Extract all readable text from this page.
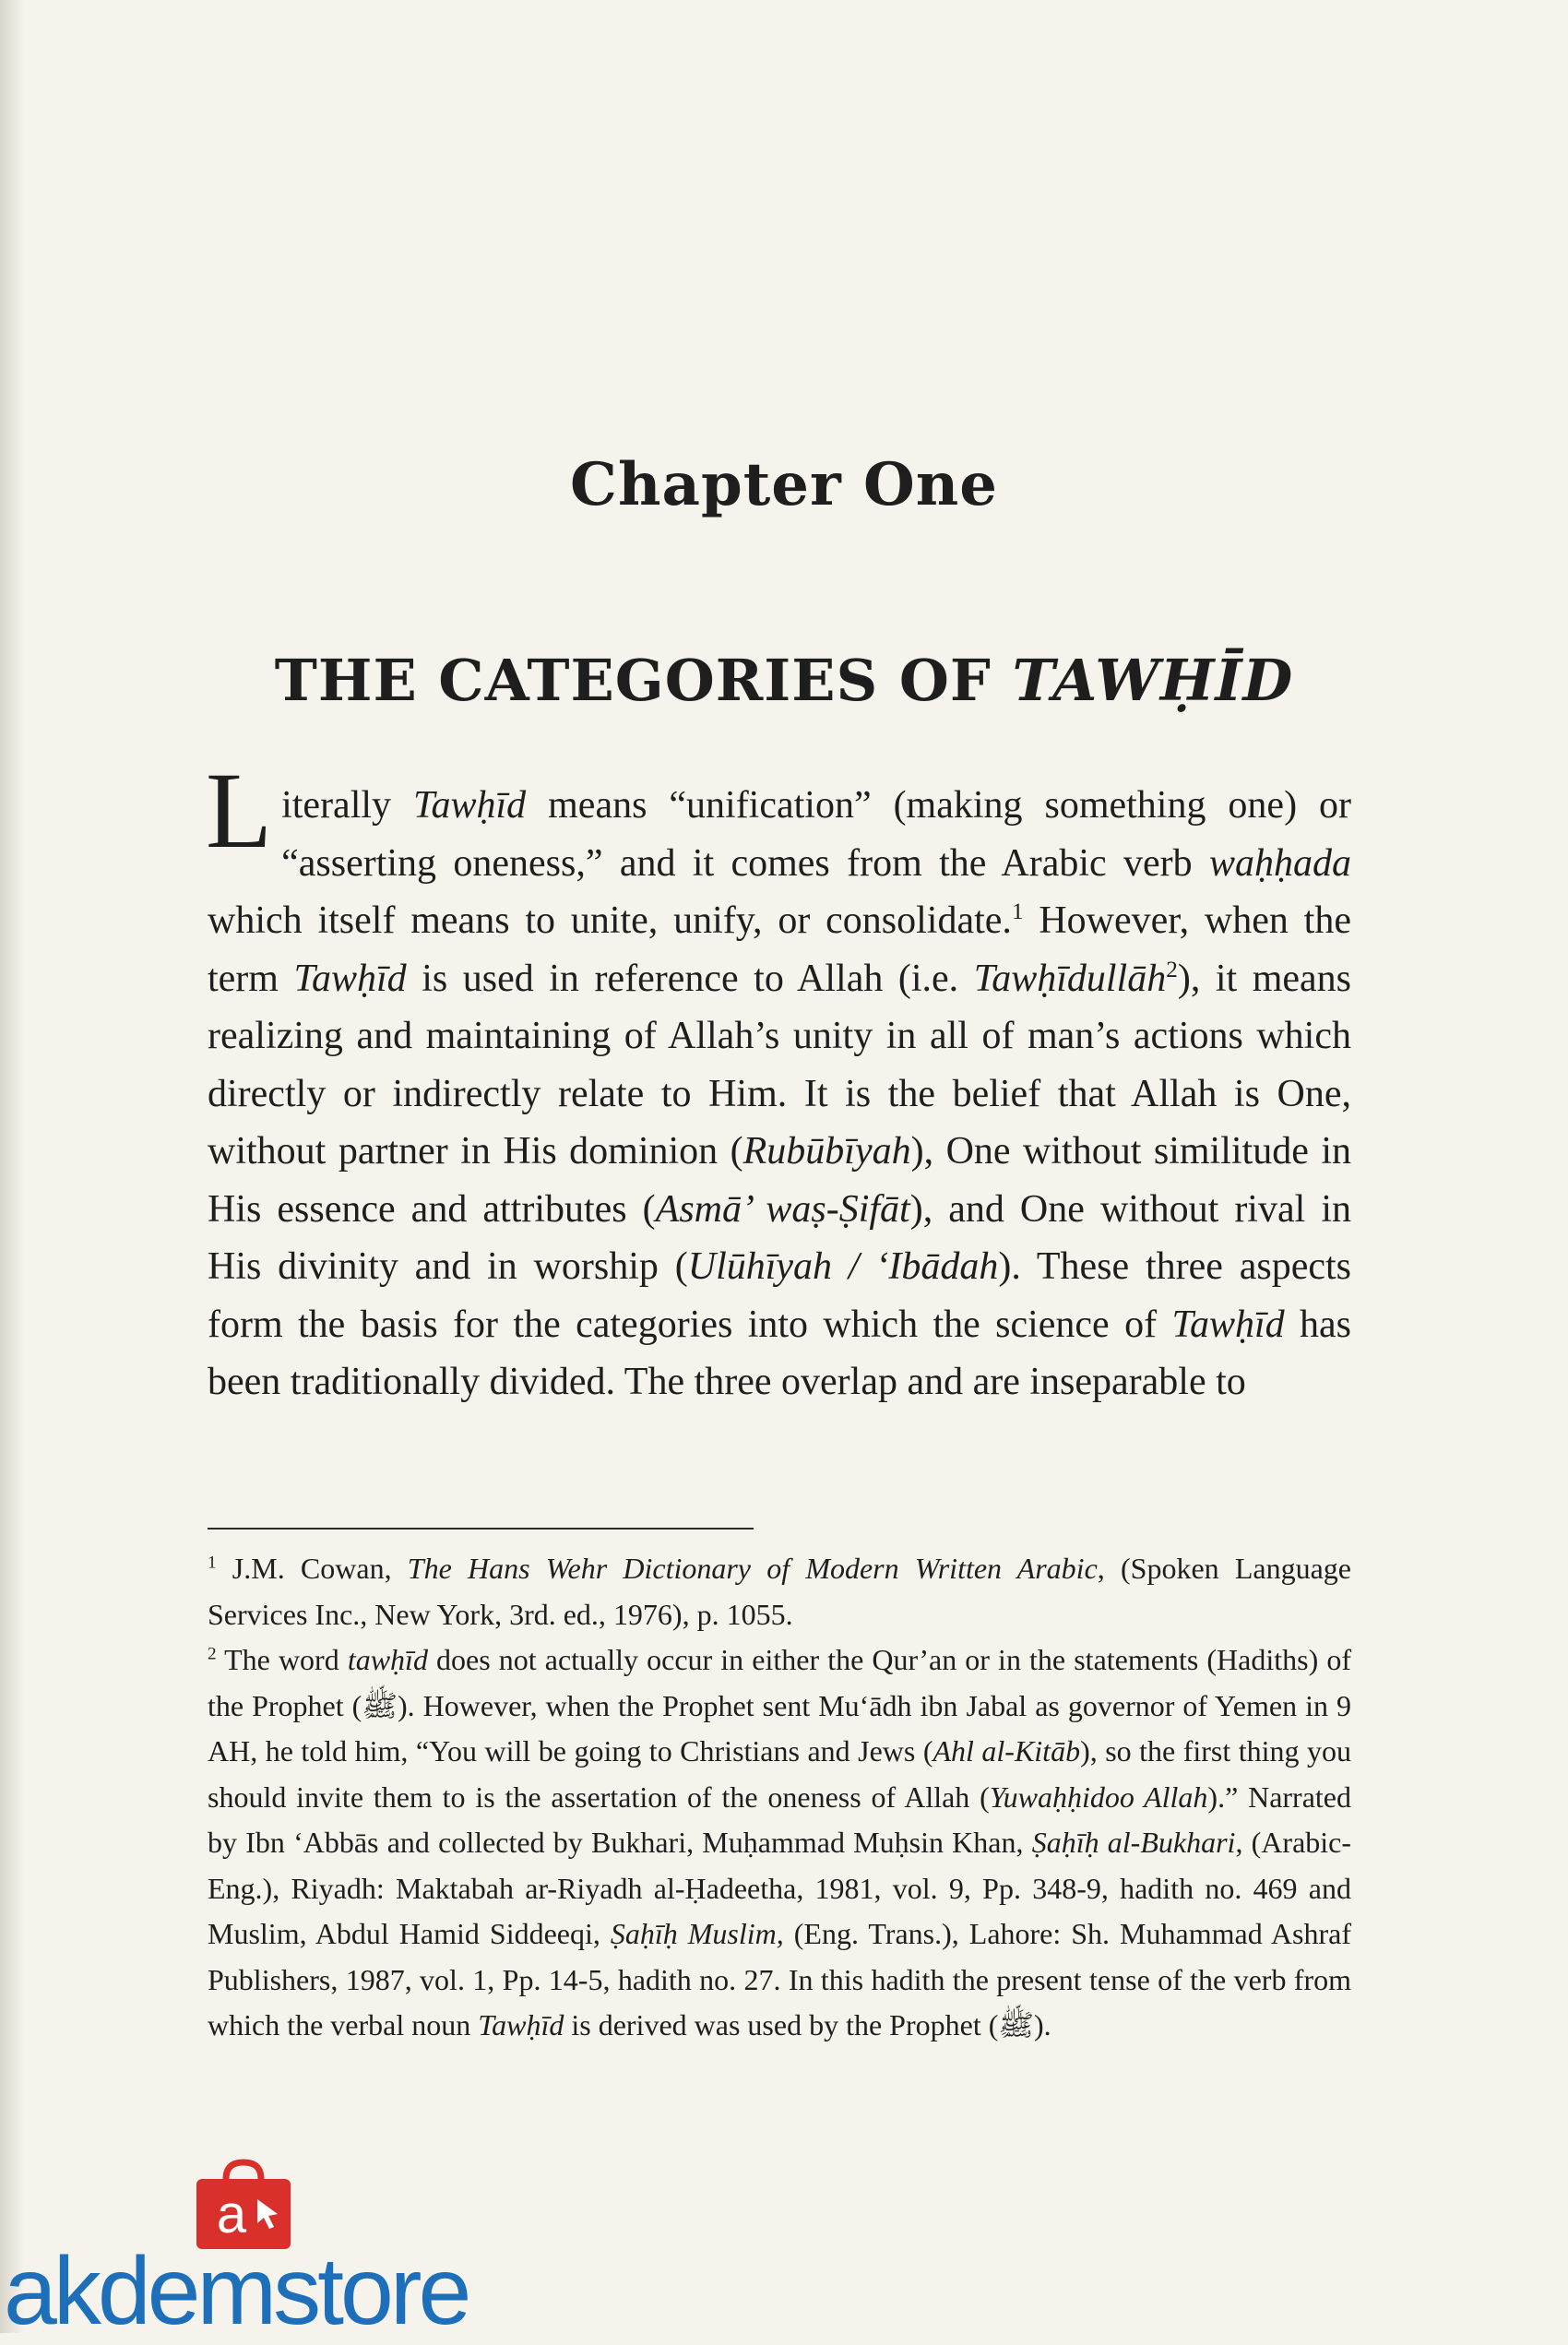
Chapter One
THE CATEGORIES OF TAWḤĪD
Literally Tawḥīd means “unification” (making something one) or “asserting oneness,” and it comes from the Arabic verb waḥḥada which itself means to unite, unify, or consolidate.$^1$ However, when the term Tawḥīd is used in reference to Allah (i.e. Tawḥīdullāh$^2$), it means realizing and maintaining of Allah’s unity in all of man’s actions which directly or indirectly relate to Him. It is the belief that Allah is One, without partner in His dominion (Rubūbīyah), One without similitude in His essence and attributes (Asmā’ waṣ-Ṣifāt), and One without rival in His divinity and in worship (Ulūhīyah / ‘Ibādah). These three aspects form the basis for the categories into which the science of Tawḥīd has been traditionally divided. The three overlap and are inseparable to

$^1$ J.M. Cowan, The Hans Wehr Dictionary of Modern Written Arabic, (Spoken Language Services Inc., New York, 3rd. ed., 1976), p. 1055.

$^2$ The word tawḥīd does not actually occur in either the Qur’an or in the statements (Hadiths) of the Prophet (ﷺ). However, when the Prophet sent Mu‘ādh ibn Jabal as governor of Yemen in 9 AH, he told him, “You will be going to Christians and Jews (Ahl al-Kitāb), so the first thing you should invite them to is the assertation of the oneness of Allah (Yuwaḥḥidoo Allah).” Narrated by Ibn ‘Abbās and collected by Bukhari, Muḥammad Muḥsin Khan, Ṣaḥīḥ al-Bukhari, (Arabic-Eng.), Riyadh: Maktabah ar-Riyadh al-Ḥadeetha, 1981, vol. 9, Pp. 348-9, hadith no. 469 and Muslim, Abdul Hamid Siddeeqi, Ṣaḥīḥ Muslim, (Eng. Trans.), Lahore: Sh. Muhammad Ashraf Publishers, 1987, vol. 1, Pp. 14-5, hadith no. 27. In this hadith the present tense of the verb from which the verbal noun Tawḥīd is derived was used by the Prophet (ﷺ).

a
akdemstore
